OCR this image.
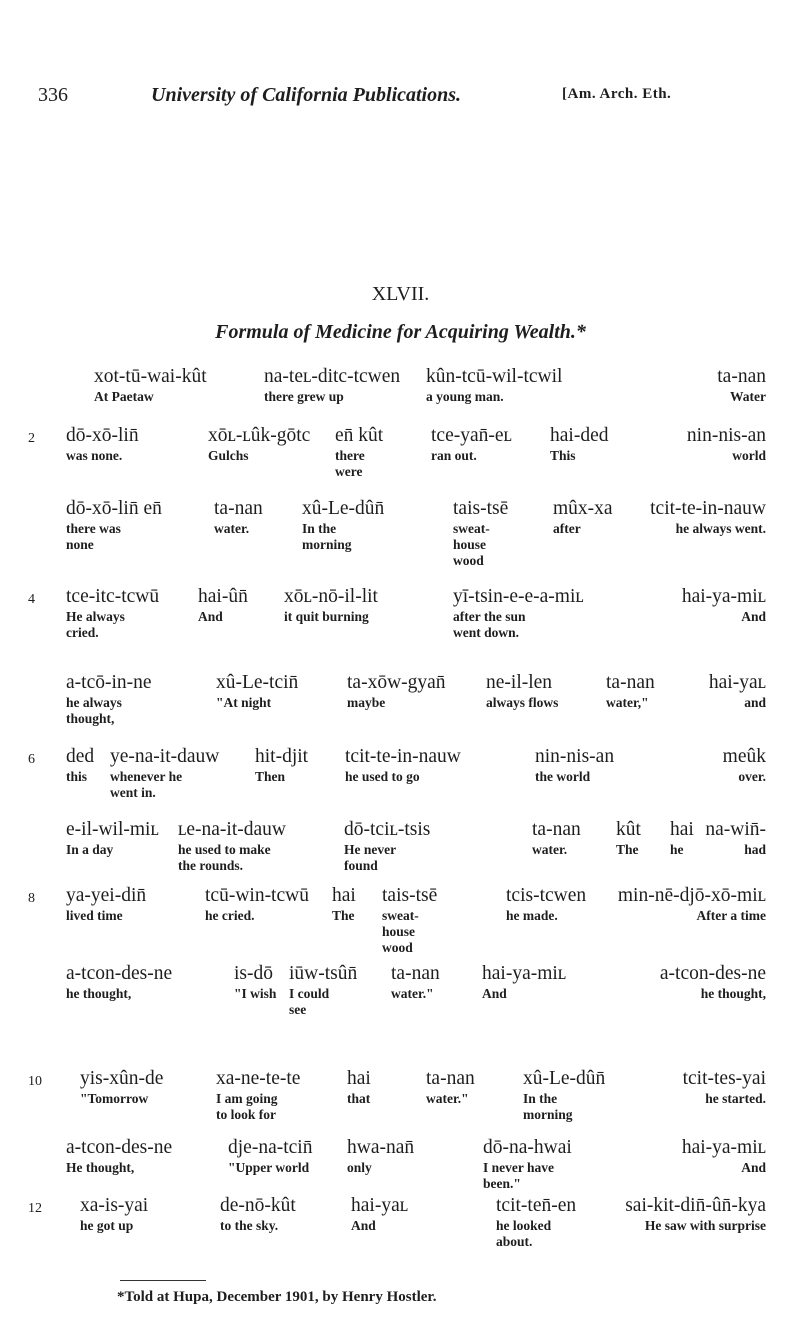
336	University of California Publications.	[Am. Arch. Eth.
XLVII.
Formula of Medicine for Acquiring Wealth.*
xot-tū-wai-kût
At Paetaw
na-teʟ-ditc-tcwen
there grew up
kûn-tcū-wil-tcwil
a young man.
ta-nan
Water
dō-xō-lin̄
was none.
xōʟ-ʟûk-gōtc
Gulchs
en̄ kût
there
were
tce-yan̄-eʟ
ran out.
hai-ded
This
nin-nis-an
world
dō-xō-lin̄ en̄
there was
none
ta-nan
water.
xû-Le-dûn̄
In the
morning
tais-tsē
sweat-
house
wood
mûx-xa
after
tcit-te-in-nauw
he always went.
tce-itc-tcwū
He always
cried.
hai-ûn̄
And
xōʟ-nō-il-lit
it quit burning
yī-tsin-e-e-a-miʟ
after the sun
went down.
hai-ya-miʟ
And
a-tcō-in-ne
he always
thought,
xû-Le-tcin̄
"At night
ta-xōw-gyan̄
maybe
ne-il-len
always flows
ta-nan
water,"
hai-yaʟ
and
ded
this
ye-na-it-dauw
whenever he
went in.
hit-djit
Then
tcit-te-in-nauw
he used to go
nin-nis-an
the world
meûk
over.
e-il-wil-miʟ
In a day
ʟe-na-it-dauw
he used to make
the rounds.
dō-tciʟ-tsis
He never
found
ta-nan
water.
kût
The
hai
he
na-win̄-
had
ya-yei-din̄
lived time
tcū-win-tcwū
he cried.
hai
The
tais-tsē
sweat-
house
wood
tcis-tcwen
he made.
min-nē-djō-xō-miʟ
After a time
a-tcon-des-ne
he thought,
is-dō
"I wish
iūw-tsûn̄
I could
see
ta-nan
water."
hai-ya-miʟ
And
a-tcon-des-ne
he thought,
yis-xûn-de
"Tomorrow
xa-ne-te-te
I am going
to look for
hai
that
ta-nan
water."
xû-Le-dûn̄
In the
morning
tcit-tes-yai
he started.
a-tcon-des-ne
He thought,
dje-na-tcin̄
"Upper world
hwa-nan̄
only
dō-na-hwai
I never have
been."
hai-ya-miʟ
And
xa-is-yai
he got up
de-nō-kût
to the sky.
hai-yaʟ
And
tcit-ten̄-en
he looked
about.
sai-kit-din̄-ûn̄-kya
He saw with surprise
2
4
6
8
10
12
*Told at Hupa, December 1901, by Henry Hostler.
